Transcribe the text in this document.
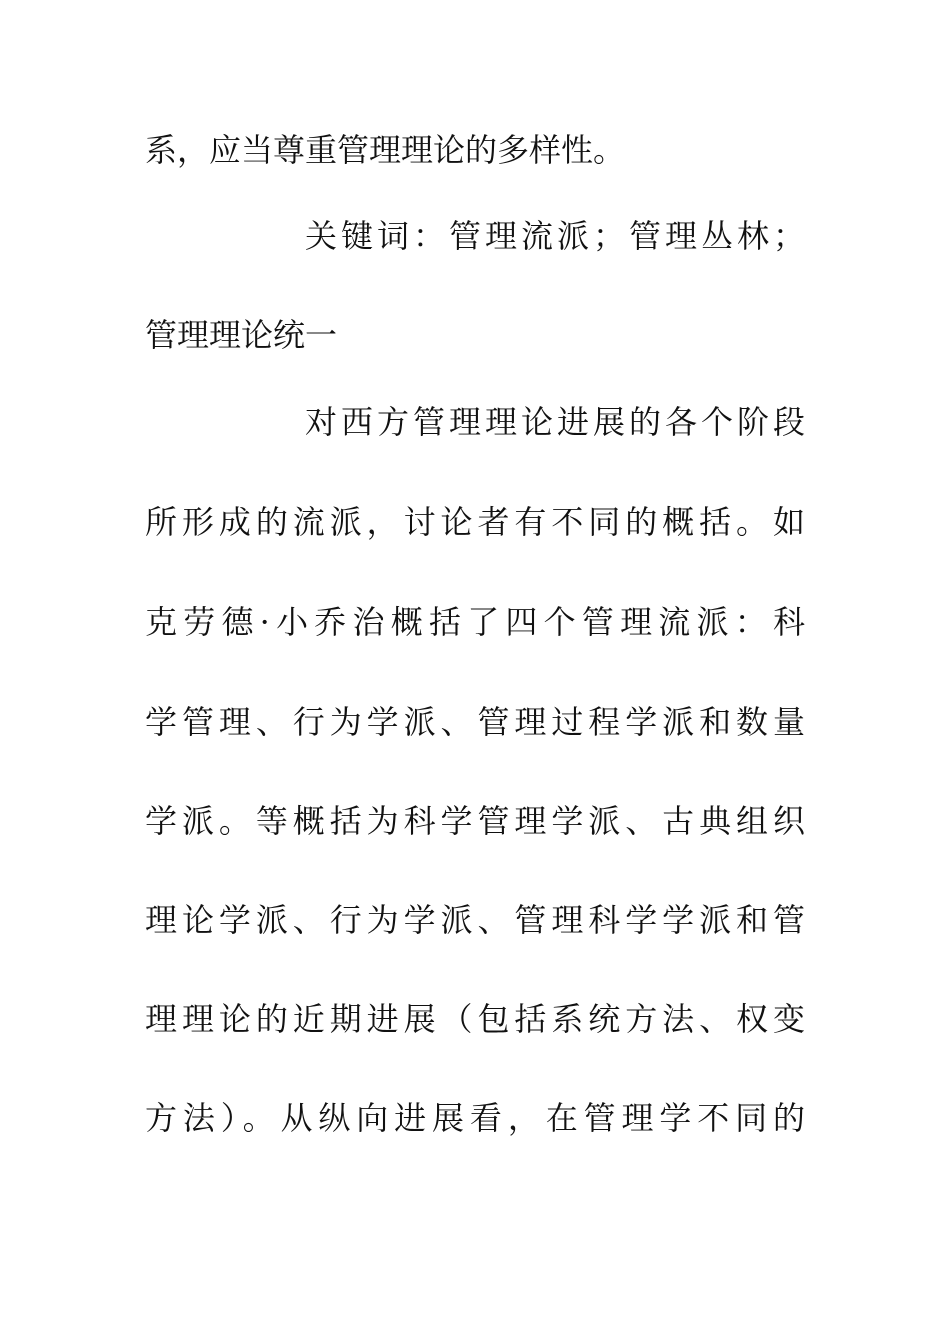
系，应当尊重管理理论的多样性。
关键词：管理流派；管理丛林；
管理理论统一
对西方管理理论进展的各个阶段
所形成的流派，讨论者有不同的概括。如
克劳德·小乔治概括了四个管理流派：科
学管理、行为学派、管理过程学派和数量
学派。等概括为科学管理学派、古典组织
理论学派、行为学派、管理科学学派和管
理理论的近期进展（包括系统方法、权变
方法）。从纵向进展看，在管理学不同的
